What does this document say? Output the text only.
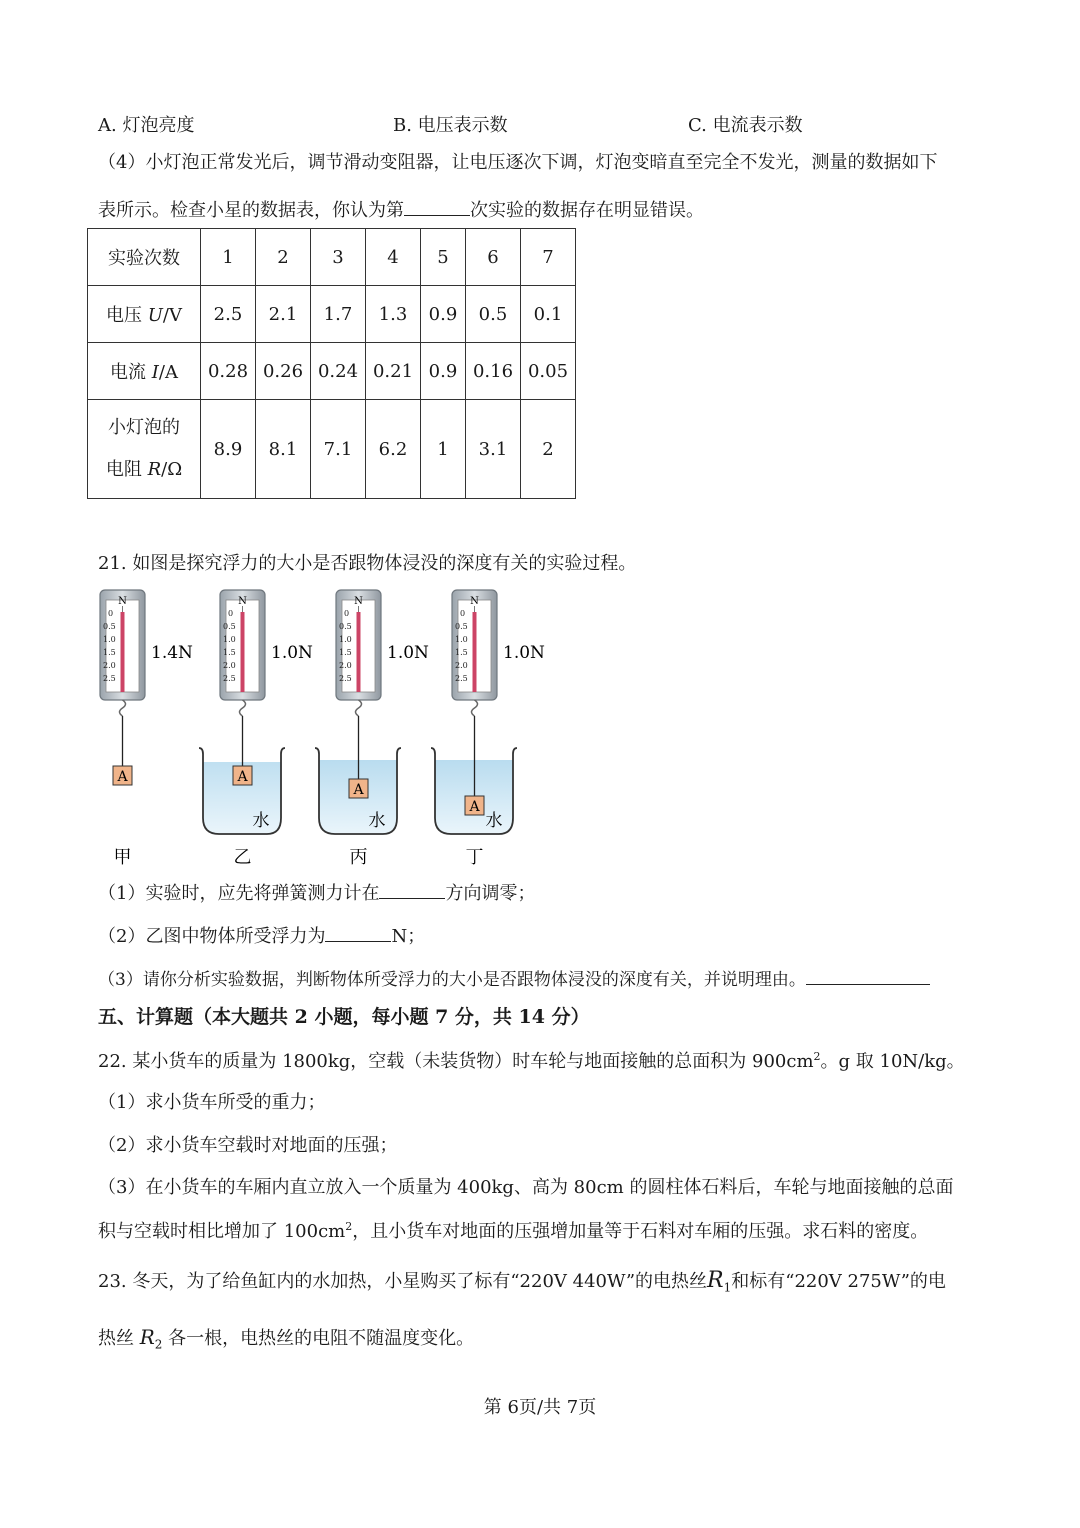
A. 灯泡亮度	B. 电压表示数	C. 电流表示数
（4）小灯泡正常发光后，调节滑动变阻器，让电压逐次下调，灯泡变暗直至完全不发光，测量的数据如下
表所示。检查小星的数据表，你认为第	次实验的数据存在明显错误。
实验次数	1	2	3	4	5	6	7
电压 U/V	2.5	2.1	1.7	1.3	0.9	0.5	0.1
电流 I/A	0.28	0.26	0.24	0.21	0.9	0.16	0.05
小灯泡的
电阻 R/Ω	8.9	8.1	7.1	6.2	1	3.1	2
21. 如图是探究浮力的大小是否跟物体浸没的深度有关的实验过程。
N
0
0.5
1.0
1.5
2.0
2.5
A
1.4N
甲
N
0
0.5
1.0
1.5
2.0
2.5
A
水
1.0N
乙
N
0
0.5
1.0
1.5
2.0
2.5
A
水
1.0N
丙
N
0
0.5
1.0
1.5
2.0
2.5
A
水
1.0N
丁
（1）实验时，应先将弹簧测力计在	方向调零；
（2）乙图中物体所受浮力为	N；
（3）请你分析实验数据，判断物体所受浮力的大小是否跟物体浸没的深度有关，并说明理由。
五、计算题（本大题共 2 小题，每小题 7 分，共 14 分）
22. 某小货车的质量为 1800kg，空载（未装货物）时车轮与地面接触的总面积为 $900cm^2$。g 取 10N/kg。
（1）求小货车所受的重力；
（2）求小货车空载时对地面的压强；
（3）在小货车的车厢内直立放入一个质量为 400kg、高为 80cm 的圆柱体石料后，车轮与地面接触的总面
积与空载时相比增加了 $100cm^2$，且小货车对地面的压强增加量等于石料对车厢的压强。求石料的密度。
23. 冬天，为了给鱼缸内的水加热，小星购买了标有“220V 440W”的电热丝$R_1$和标有“220V 275W”的电
热丝 $R_2$ 各一根，电热丝的电阻不随温度变化。
第 6页/共 7页
